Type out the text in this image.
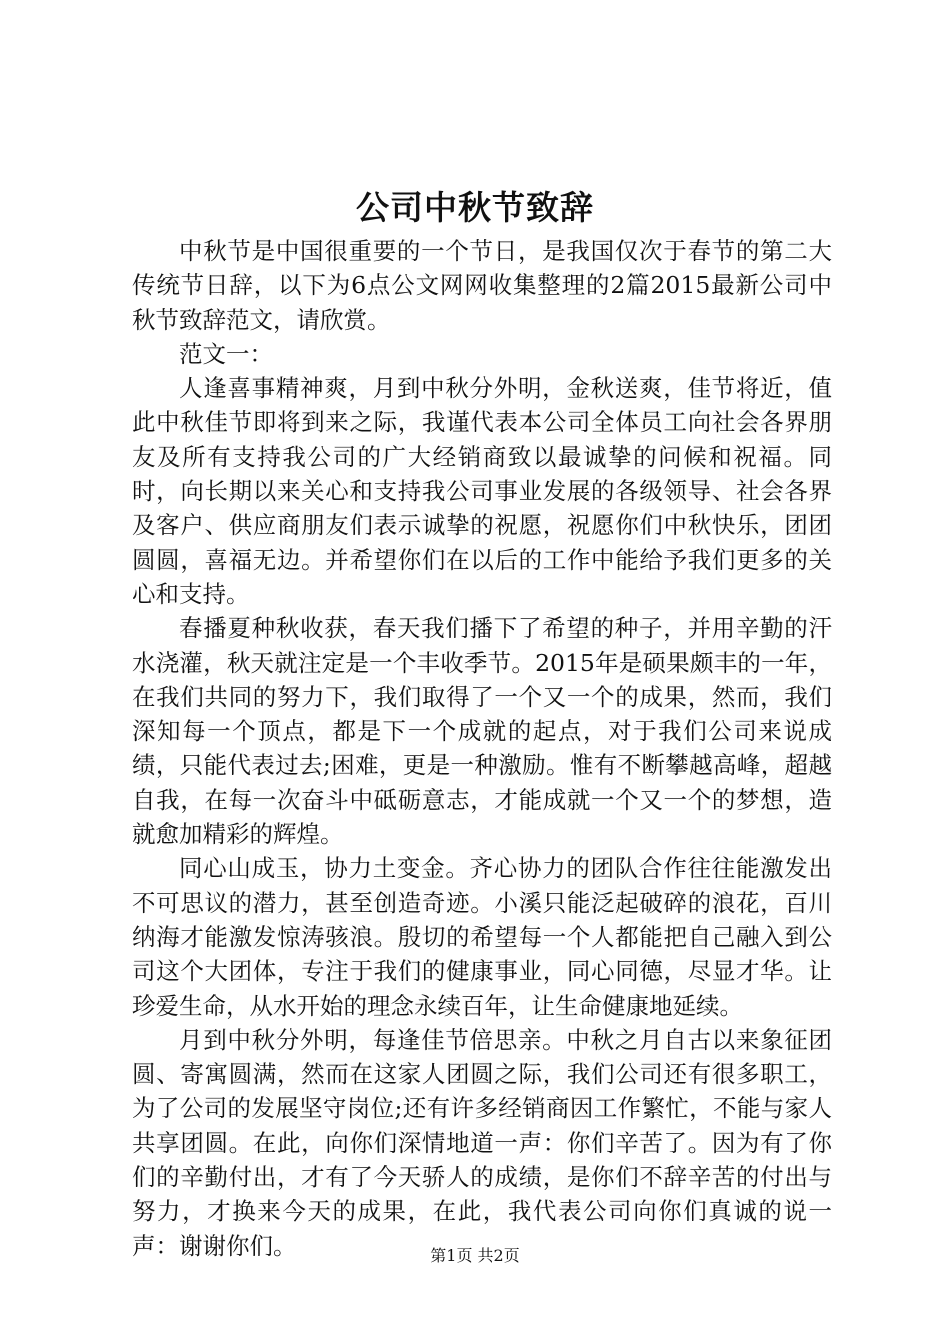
公司中秋节致辞

中秋节是中国很重要的一个节日，是我国仅次于春节的第二大传统节日辞，以下为6点公文网网收集整理的2篇2015最新公司中秋节致辞范文，请欣赏。

范文一：

人逢喜事精神爽，月到中秋分外明，金秋送爽，佳节将近，值此中秋佳节即将到来之际，我谨代表本公司全体员工向社会各界朋友及所有支持我公司的广大经销商致以最诚挚的问候和祝福。同时，向长期以来关心和支持我公司事业发展的各级领导、社会各界及客户、供应商朋友们表示诚挚的祝愿，祝愿你们中秋快乐，团团圆圆，喜福无边。并希望你们在以后的工作中能给予我们更多的关心和支持。

春播夏种秋收获，春天我们播下了希望的种子，并用辛勤的汗水浇灌，秋天就注定是一个丰收季节。2015年是硕果颇丰的一年，在我们共同的努力下，我们取得了一个又一个的成果，然而，我们深知每一个顶点，都是下一个成就的起点，对于我们公司来说成绩，只能代表过去;困难，更是一种激励。惟有不断攀越高峰，超越自我，在每一次奋斗中砥砺意志，才能成就一个又一个的梦想，造就愈加精彩的辉煌。

同心山成玉，协力土变金。齐心协力的团队合作往往能激发出不可思议的潜力，甚至创造奇迹。小溪只能泛起破碎的浪花，百川纳海才能激发惊涛骇浪。殷切的希望每一个人都能把自己融入到公司这个大团体，专注于我们的健康事业，同心同德，尽显才华。让珍爱生命，从水开始的理念永续百年，让生命健康地延续。

月到中秋分外明，每逢佳节倍思亲。中秋之月自古以来象征团圆、寄寓圆满，然而在这家人团圆之际，我们公司还有很多职工，为了公司的发展坚守岗位;还有许多经销商因工作繁忙，不能与家人共享团圆。在此，向你们深情地道一声：你们辛苦了。因为有了你们的辛勤付出，才有了今天骄人的成绩，是你们不辞辛苦的付出与努力，才换来今天的成果，在此，我代表公司向你们真诚的说一声：谢谢你们。	第1页 共2页
